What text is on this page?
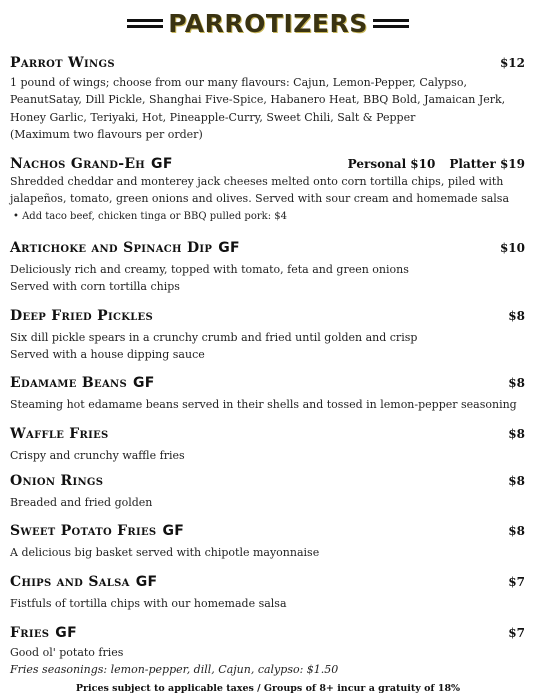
PARROTIZERS
Parrot Wings	$12
1 pound of wings; choose from our many flavours: Cajun, Lemon-Pepper, Calypso,
PeanutSatay, Dill Pickle, Shanghai Five-Spice, Habanero Heat, BBQ Bold, Jamaican Jerk,
Honey Garlic, Teriyaki, Hot, Pineapple-Curry, Sweet Chili, Salt & Pepper
(Maximum two flavours per order)
Nachos Grand-Eh GF	Personal $10 Platter $19
Shredded cheddar and monterey jack cheeses melted onto corn tortilla chips, piled with
jalapeños, tomato, green onions and olives. Served with sour cream and homemade salsa
• Add taco beef, chicken tinga or BBQ pulled pork: $4
Artichoke and Spinach Dip GF	$10
Deliciously rich and creamy, topped with tomato, feta and green onions
Served with corn tortilla chips
Deep Fried Pickles	$8
Six dill pickle spears in a crunchy crumb and fried until golden and crisp
Served with a house dipping sauce
Edamame Beans GF	$8
Steaming hot edamame beans served in their shells and tossed in lemon-pepper seasoning
Waffle Fries	$8
Crispy and crunchy waffle fries
Onion Rings	$8
Breaded and fried golden
Sweet Potato Fries GF	$8
A delicious big basket served with chipotle mayonnaise
Chips and Salsa GF	$7
Fistfuls of tortilla chips with our homemade salsa
Fries GF	$7
Good ol' potato fries
Fries seasonings: lemon-pepper, dill, Cajun, calypso: $1.50
Prices subject to applicable taxes / Groups of 8+ incur a gratuity of 18%
